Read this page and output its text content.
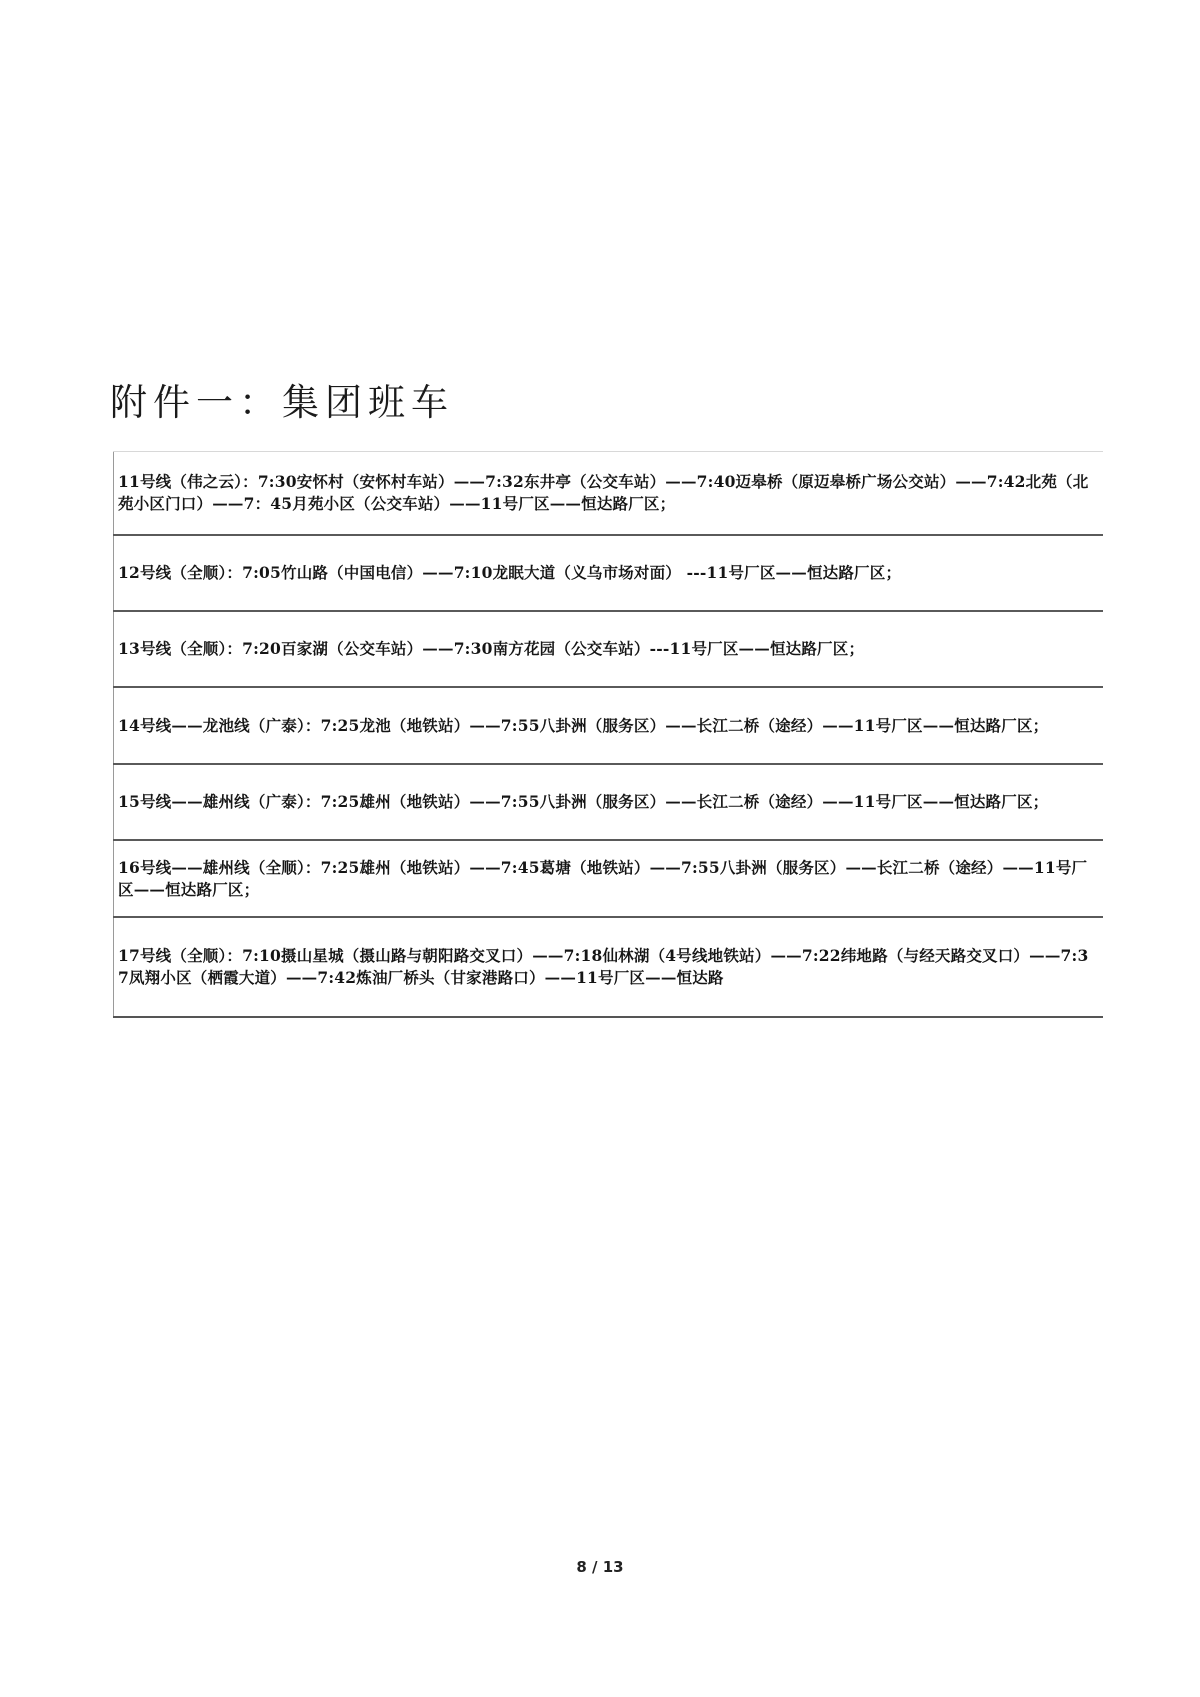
附件一：集团班车
11号线（伟之云）：7:30安怀村（安怀村车站）——7:32东井亭（公交车站）——7:40迈皋桥（原迈皋桥广场公交站）——7:42北苑（北苑小区门口）——7：45月苑小区（公交车站）——11号厂区——恒达路厂区；
12号线（全顺）：7:05竹山路（中国电信）——7:10龙眠大道（义乌市场对面） ---11号厂区——恒达路厂区；
13号线（全顺）：7:20百家湖（公交车站）——7:30南方花园（公交车站）---11号厂区——恒达路厂区；
14号线——龙池线（广泰）：7:25龙池（地铁站）——7:55八卦洲（服务区）——长江二桥（途经）——11号厂区——恒达路厂区；
15号线——雄州线（广泰）：7:25雄州（地铁站）——7:55八卦洲（服务区）——长江二桥（途经）——11号厂区——恒达路厂区；
16号线——雄州线（全顺）：7:25雄州（地铁站）——7:45葛塘（地铁站）——7:55八卦洲（服务区）——长江二桥（途经）——11号厂区——恒达路厂区；
17号线（全顺）：7:10摄山星城（摄山路与朝阳路交叉口）——7:18仙林湖（4号线地铁站）——7:22纬地路（与经天路交叉口）——7:37凤翔小区（栖霞大道）——7:42炼油厂桥头（甘家港路口）——11号厂区——恒达路
8 / 13
